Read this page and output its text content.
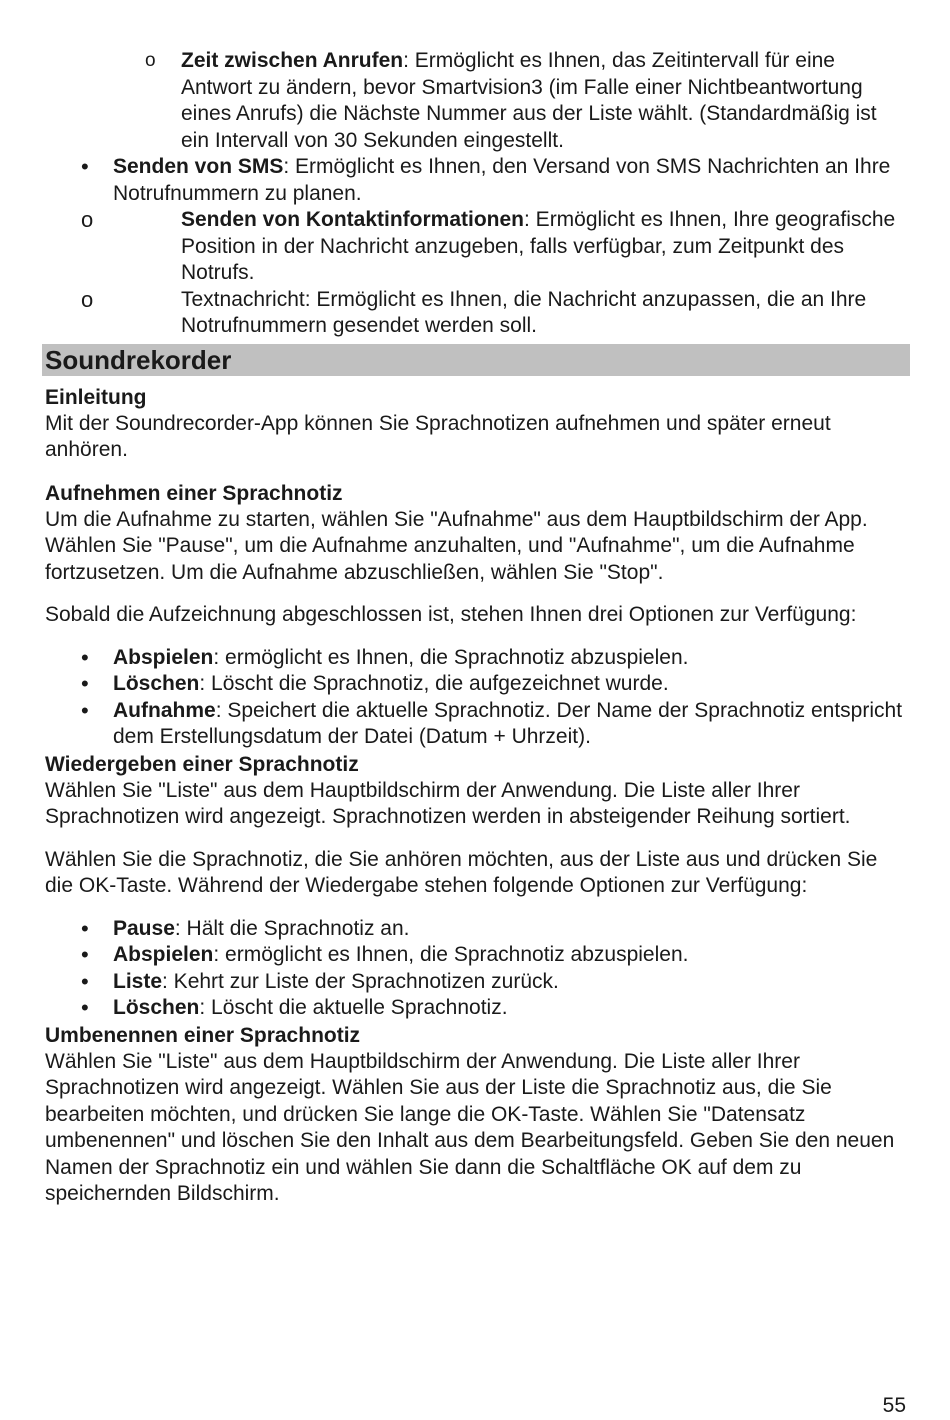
o Zeit zwischen Anrufen: Ermöglicht es Ihnen, das Zeitintervall für eine Antwort zu ändern, bevor Smartvision3 (im Falle einer Nichtbeantwortung eines Anrufs) die Nächste Nummer aus der Liste wählt. (Standardmäßig ist ein Intervall von 30 Sekunden eingestellt.
• Senden von SMS: Ermöglicht es Ihnen, den Versand von SMS Nachrichten an Ihre Notrufnummern zu planen.
o	Senden von Kontaktinformationen: Ermöglicht es Ihnen, Ihre geografische Position in der Nachricht anzugeben, falls verfügbar, zum Zeitpunkt des Notrufs.
o	Textnachricht: Ermöglicht es Ihnen, die Nachricht anzupassen, die an Ihre Notrufnummern gesendet werden soll.
Soundrekorder
Einleitung

Mit der Soundrecorder-App können Sie Sprachnotizen aufnehmen und später erneut anhören.

Aufnehmen einer Sprachnotiz

Um die Aufnahme zu starten, wählen Sie "Aufnahme" aus dem Hauptbildschirm der App. Wählen Sie "Pause", um die Aufnahme anzuhalten, und "Aufnahme", um die Aufnahme fortzusetzen. Um die Aufnahme abzuschließen, wählen Sie "Stop".

Sobald die Aufzeichnung abgeschlossen ist, stehen Ihnen drei Optionen zur Verfügung:

• Abspielen: ermöglicht es Ihnen, die Sprachnotiz abzuspielen.
• Löschen: Löscht die Sprachnotiz, die aufgezeichnet wurde.
• Aufnahme: Speichert die aktuelle Sprachnotiz. Der Name der Sprachnotiz entspricht dem Erstellungsdatum der Datei (Datum + Uhrzeit).
Wiedergeben einer Sprachnotiz

Wählen Sie "Liste" aus dem Hauptbildschirm der Anwendung. Die Liste aller Ihrer Sprachnotizen wird angezeigt. Sprachnotizen werden in absteigender Reihung sortiert.

Wählen Sie die Sprachnotiz, die Sie anhören möchten, aus der Liste aus und drücken Sie die OK-Taste. Während der Wiedergabe stehen folgende Optionen zur Verfügung:

• Pause: Hält die Sprachnotiz an.
• Abspielen: ermöglicht es Ihnen, die Sprachnotiz abzuspielen.
• Liste: Kehrt zur Liste der Sprachnotizen zurück.
• Löschen: Löscht die aktuelle Sprachnotiz.
Umbenennen einer Sprachnotiz

Wählen Sie "Liste" aus dem Hauptbildschirm der Anwendung. Die Liste aller Ihrer Sprachnotizen wird angezeigt. Wählen Sie aus der Liste die Sprachnotiz aus, die Sie bearbeiten möchten, und drücken Sie lange die OK-Taste. Wählen Sie "Datensatz umbenennen" und löschen Sie den Inhalt aus dem Bearbeitungsfeld. Geben Sie den neuen Namen der Sprachnotiz ein und wählen Sie dann die Schaltfläche OK auf dem zu speichernden Bildschirm.

55
